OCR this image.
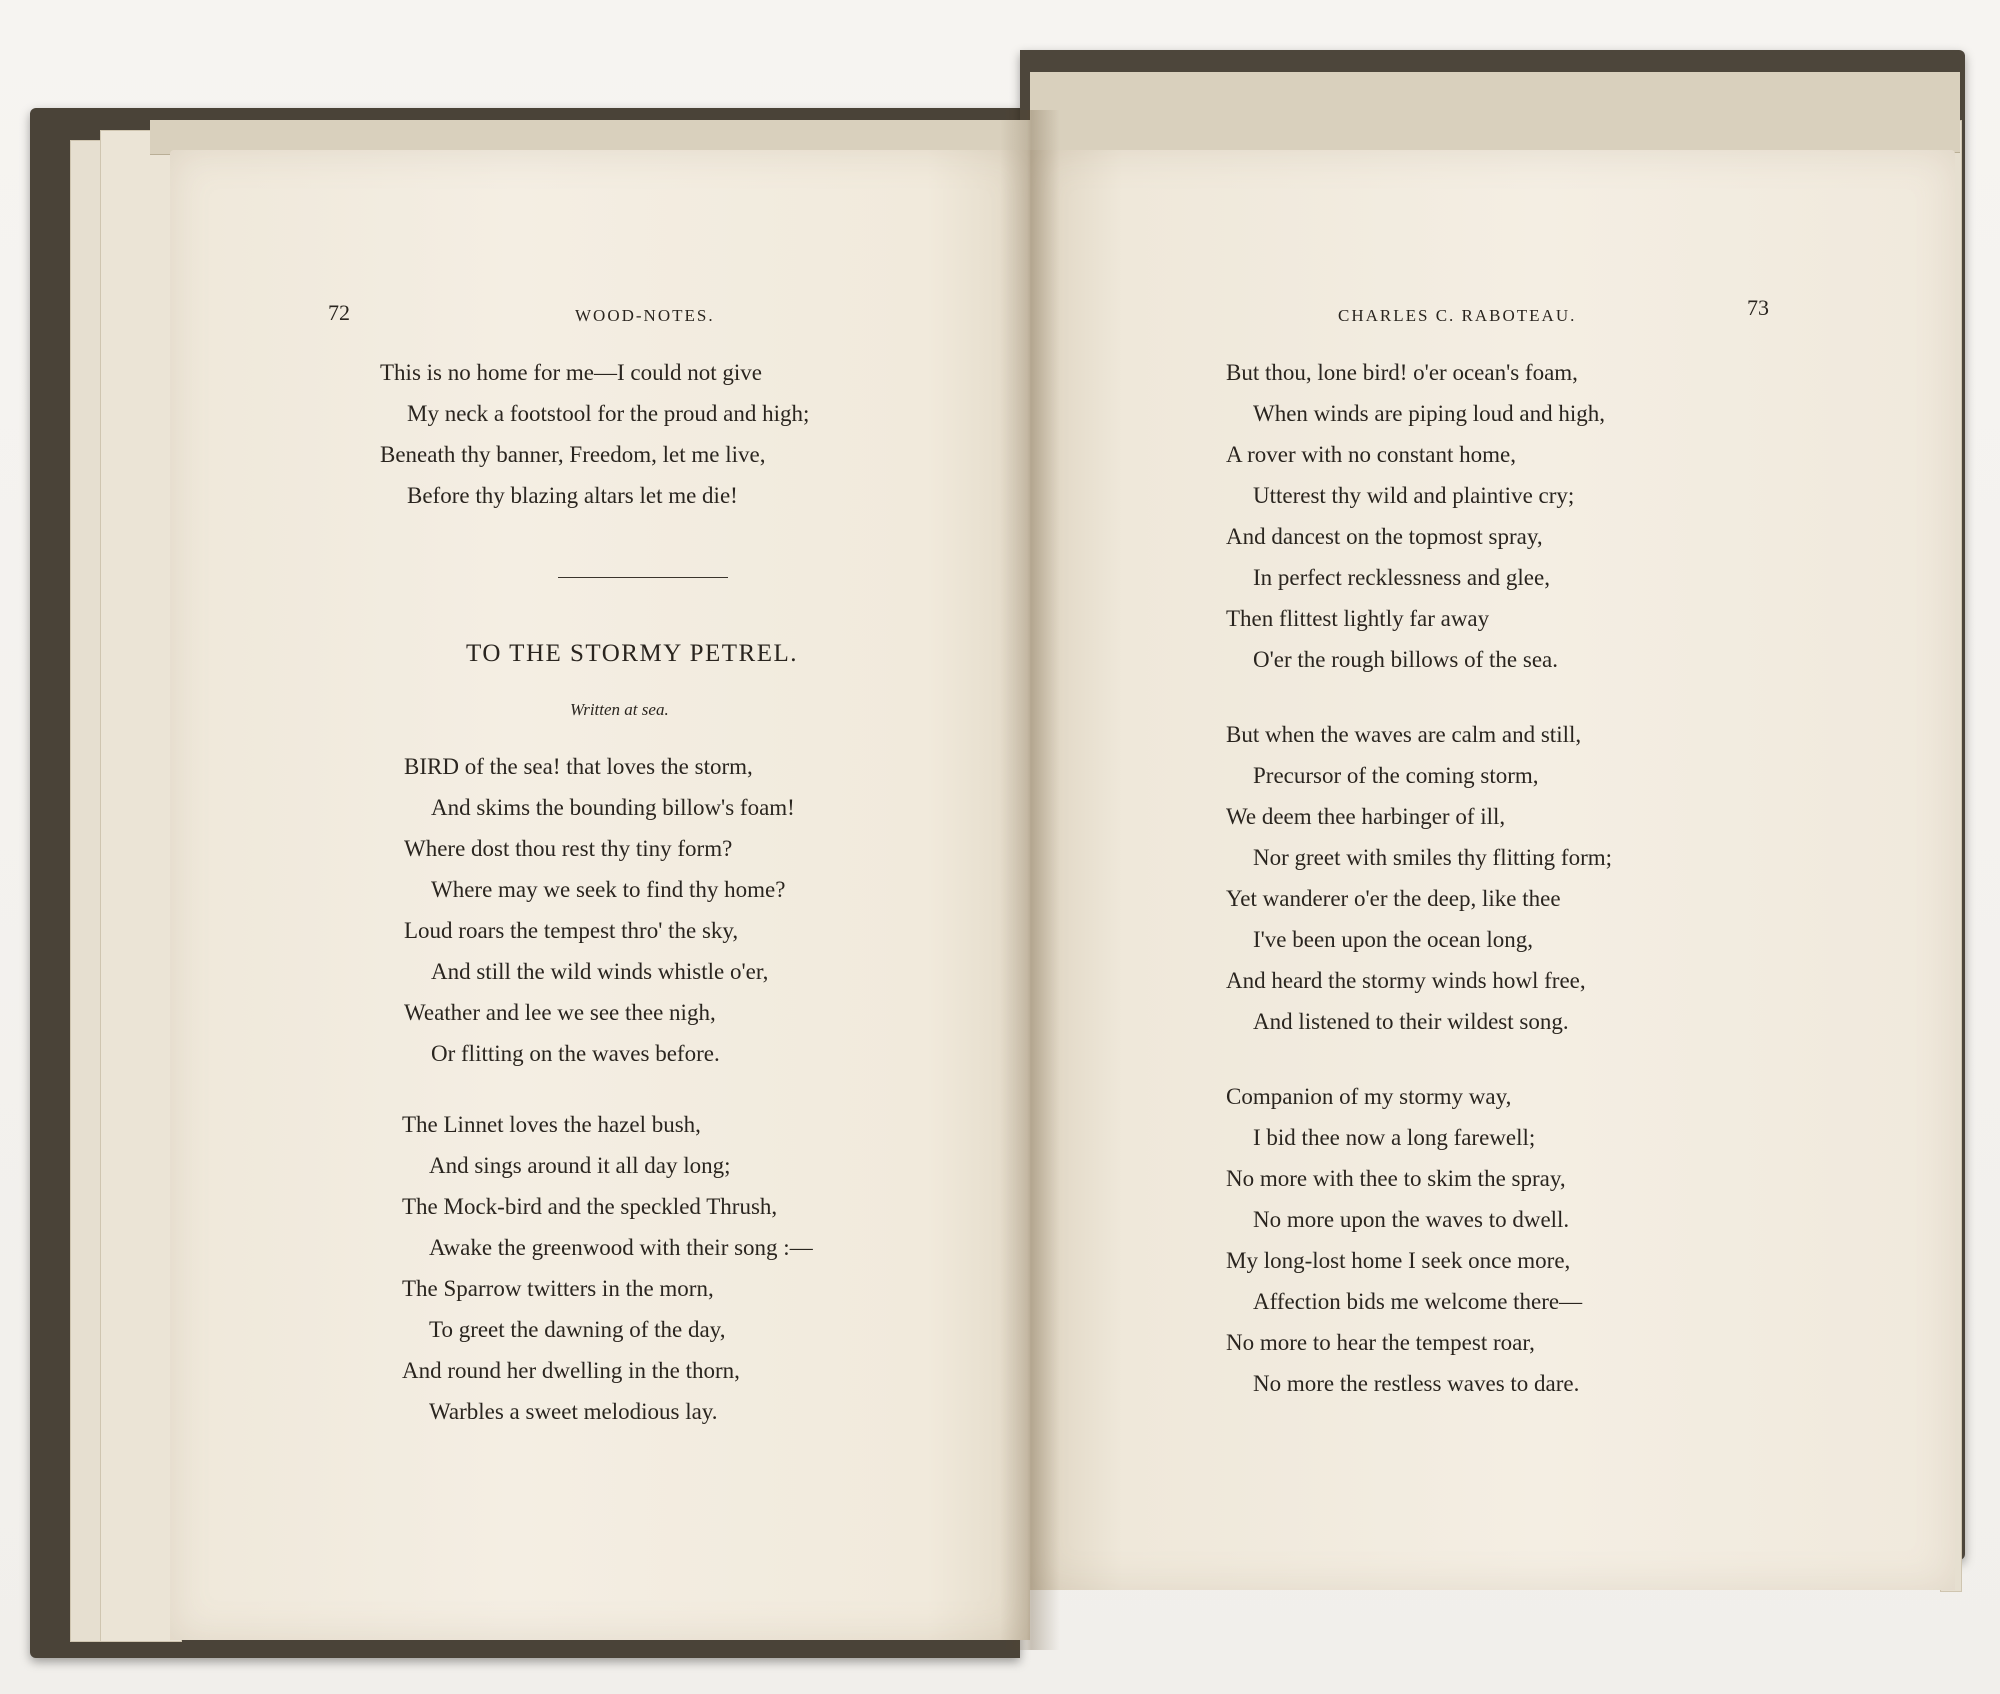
72	WOOD-NOTES.
This is no home for me—I could not give
My neck a footstool for the proud and high;
Beneath thy banner, Freedom, let me live,
Before thy blazing altars let me die!
TO THE STORMY PETREL.
Written at sea.
BIRD of the sea! that loves the storm,
And skims the bounding billow's foam!
Where dost thou rest thy tiny form?
Where may we seek to find thy home?
Loud roars the tempest thro' the sky,
And still the wild winds whistle o'er,
Weather and lee we see thee nigh,
Or flitting on the waves before.
The Linnet loves the hazel bush,
And sings around it all day long;
The Mock-bird and the speckled Thrush,
Awake the greenwood with their song :—
The Sparrow twitters in the morn,
To greet the dawning of the day,
And round her dwelling in the thorn,
Warbles a sweet melodious lay.
CHARLES C. RABOTEAU.	73
But thou, lone bird! o'er ocean's foam,
When winds are piping loud and high,
A rover with no constant home,
Utterest thy wild and plaintive cry;
And dancest on the topmost spray,
In perfect recklessness and glee,
Then flittest lightly far away
O'er the rough billows of the sea.
But when the waves are calm and still,
Precursor of the coming storm,
We deem thee harbinger of ill,
Nor greet with smiles thy flitting form;
Yet wanderer o'er the deep, like thee
I've been upon the ocean long,
And heard the stormy winds howl free,
And listened to their wildest song.
Companion of my stormy way,
I bid thee now a long farewell;
No more with thee to skim the spray,
No more upon the waves to dwell.
My long-lost home I seek once more,
Affection bids me welcome there—
No more to hear the tempest roar,
No more the restless waves to dare.
